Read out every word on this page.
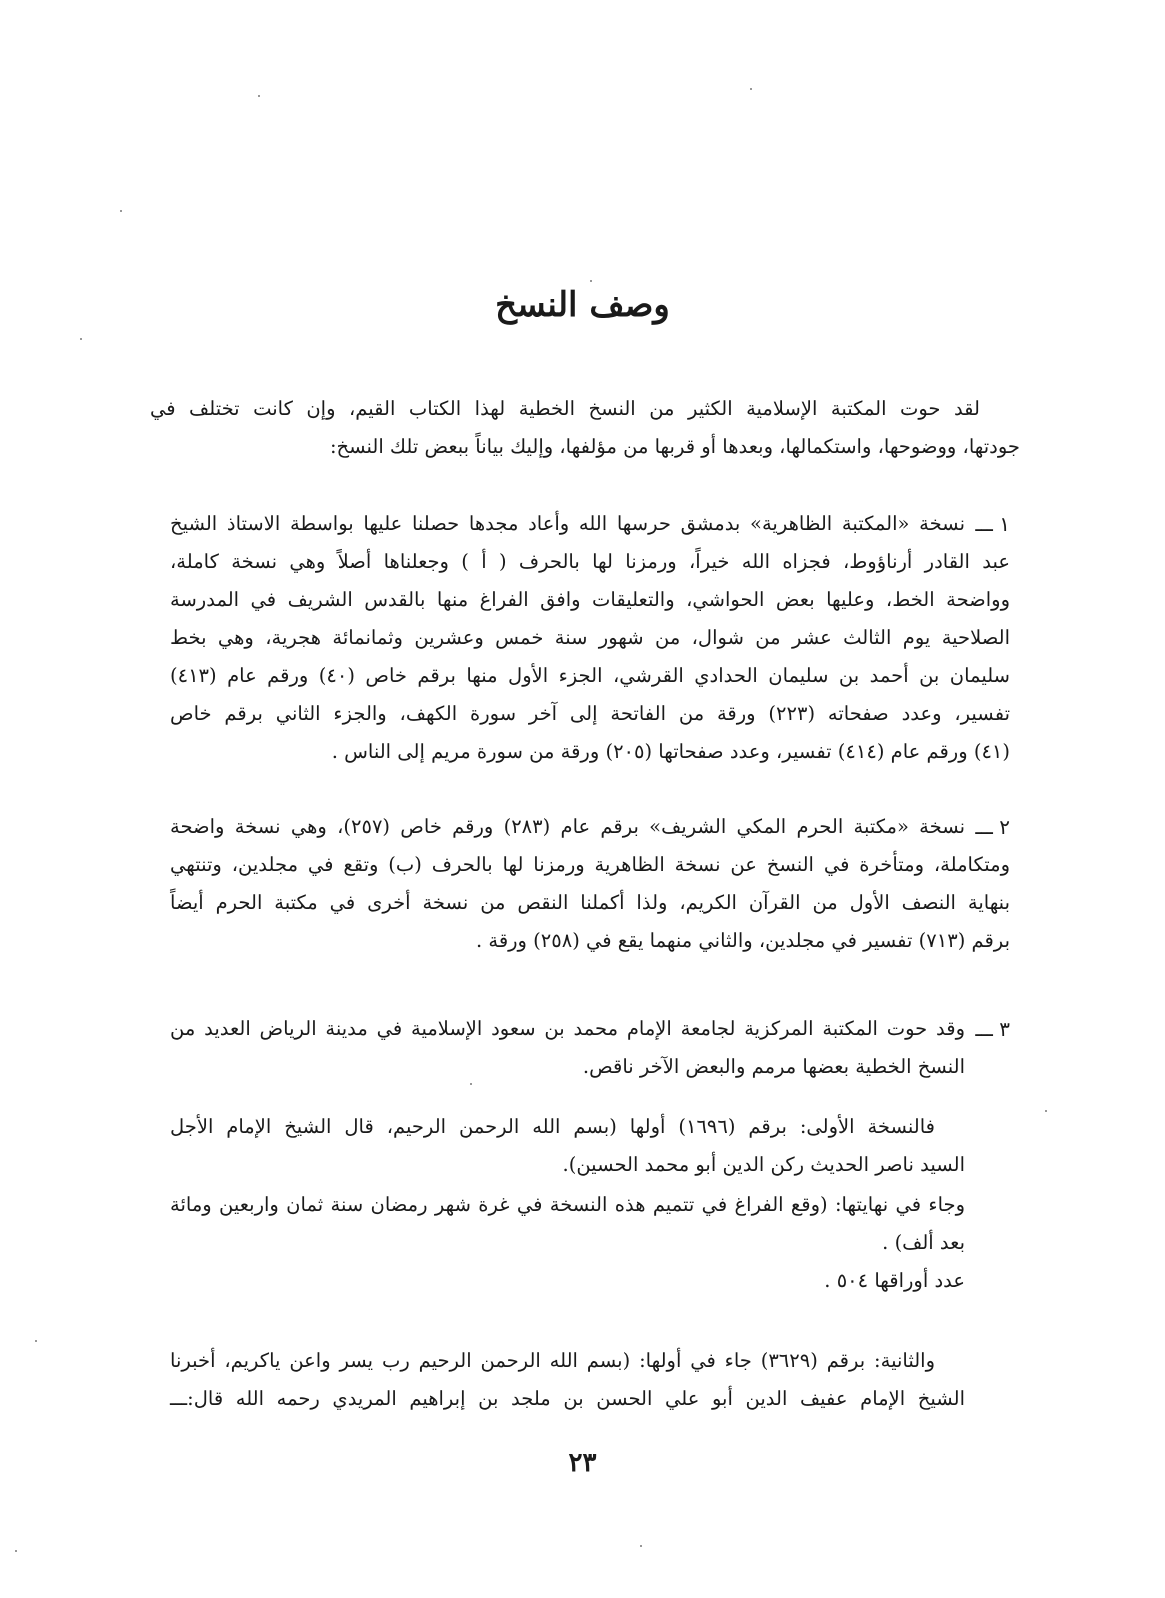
وصف النسخ
لقد حوت المكتبة الإسلامية الكثير من النسخ الخطية لهذا الكتاب القيم، وإن كانت تختلف في
جودتها، ووضوحها، واستكمالها، وبعدها أو قربها من مؤلفها، وإليك بياناً ببعض تلك النسخ:
١ ـــ
نسخة «المكتبة الظاهرية» بدمشق حرسها الله وأعاد مجدها حصلنا عليها بواسطة الاستاذ الشيخ
عبد القادر أرناؤوط، فجزاه الله خيراً، ورمزنا لها بالحرف ( أ ) وجعلناها أصلاً وهي نسخة كاملة،
وواضحة الخط، وعليها بعض الحواشي، والتعليقات وافق الفراغ منها بالقدس الشريف في المدرسة
الصلاحية يوم الثالث عشر من شوال، من شهور سنة خمس وعشرين وثمانمائة هجرية، وهي بخط
سليمان بن أحمد بن سليمان الحدادي القرشي، الجزء الأول منها برقم خاص (٤٠) ورقم عام (٤١٣)
تفسير، وعدد صفحاته (٢٢٣) ورقة من الفاتحة إلى آخر سورة الكهف، والجزء الثاني برقم خاص
(٤١) ورقم عام (٤١٤) تفسير، وعدد صفحاتها (٢٠٥) ورقة من سورة مريم إلى الناس .
٢ ـــ
نسخة «مكتبة الحرم المكي الشريف» برقم عام (٢٨٣) ورقم خاص (٢٥٧)، وهي نسخة واضحة
ومتكاملة، ومتأخرة في النسخ عن نسخة الظاهرية ورمزنا لها بالحرف (ب) وتقع في مجلدين، وتنتهي
بنهاية النصف الأول من القرآن الكريم، ولذا أكملنا النقص من نسخة أخرى في مكتبة الحرم أيضاً
برقم (٧١٣) تفسير في مجلدين، والثاني منهما يقع في (٢٥٨) ورقة .
٣ ـــ
وقد حوت المكتبة المركزية لجامعة الإمام محمد بن سعود الإسلامية في مدينة الرياض العديد من
النسخ الخطية بعضها مرمم والبعض الآخر ناقص.
فالنسخة الأولى: برقم (١٦٩٦) أولها (بسم الله الرحمن الرحيم، قال الشيخ الإمام الأجل
السيد ناصر الحديث ركن الدين أبو محمد الحسين).
وجاء في نهايتها: (وقع الفراغ في تتميم هذه النسخة في غرة شهر رمضان سنة ثمان واربعين ومائة
بعد ألف) .
عدد أوراقها ٥٠٤ .
والثانية: برقم (٣٦٢٩) جاء في أولها: (بسم الله الرحمن الرحيم رب يسر واعن ياكريم، أخبرنا
الشيخ الإمام عفيف الدين أبو علي الحسن بن ملجد بن إبراهيم المريدي رحمه الله قال:ـــ
٢٣
